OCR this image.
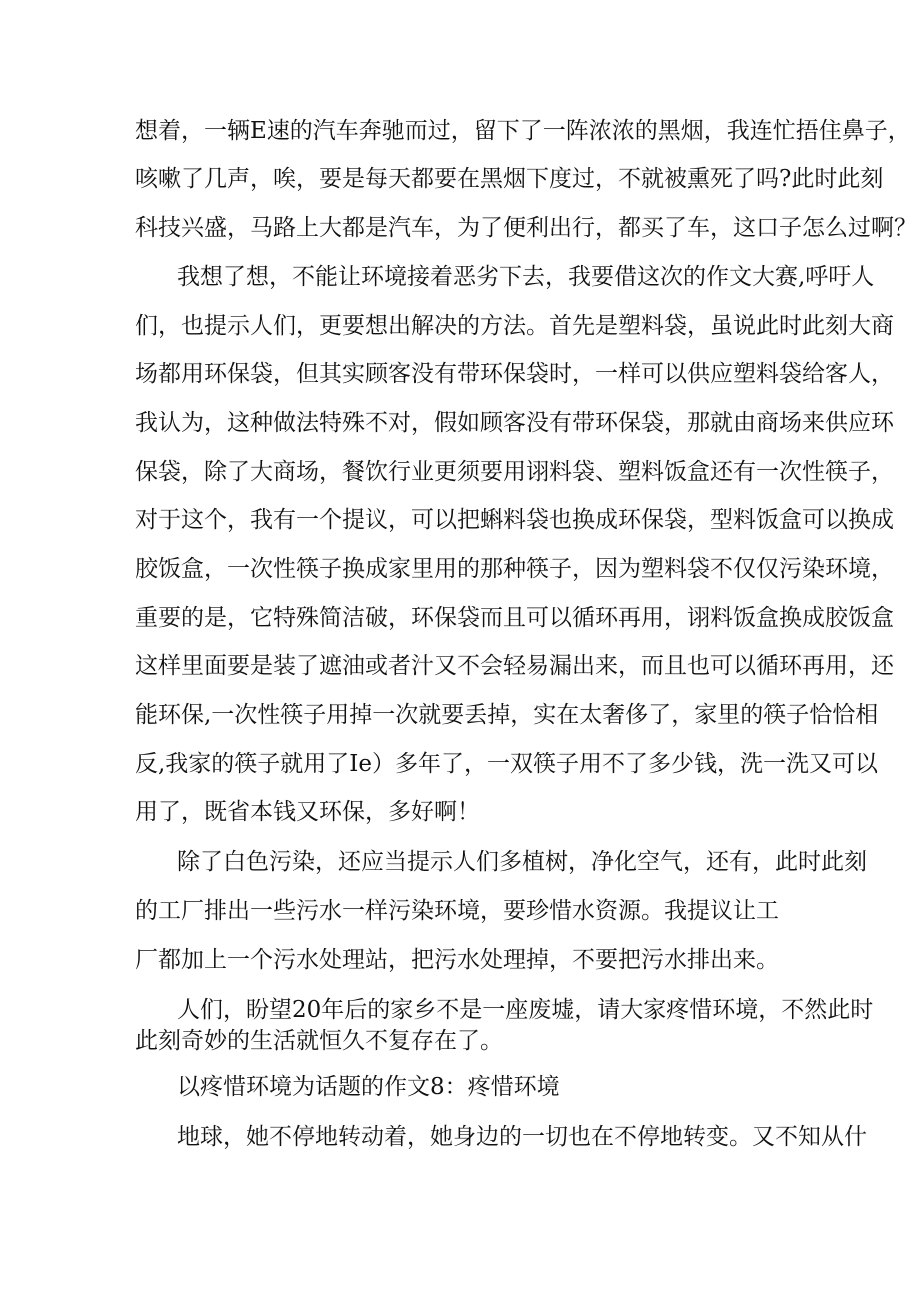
想着，一辆E速的汽车奔驰而过，留下了一阵浓浓的黑烟，我连忙捂住鼻子，
咳嗽了几声，唉，要是每天都要在黑烟下度过，不就被熏死了吗?此时此刻
科技兴盛，马路上大都是汽车，为了便利出行，都买了车，这口子怎么过啊？
我想了想，不能让环境接着恶劣下去，我要借这次的作文大赛,呼吁人
们，也提示人们，更要想出解决的方法。首先是塑料袋，虽说此时此刻大商
场都用环保袋，但其实顾客没有带环保袋时，一样可以供应塑料袋给客人，
我认为，这种做法特殊不对，假如顾客没有带环保袋，那就由商场来供应环
保袋，除了大商场，餐饮行业更须要用诩料袋、塑料饭盒还有一次性筷子，
对于这个，我有一个提议，可以把蝌料袋也换成环保袋，型料饭盒可以换成
胶饭盒，一次性筷子换成家里用的那种筷子，因为塑料袋不仅仅污染环境，
重要的是，它特殊简洁破，环保袋而且可以循环再用，诩料饭盒换成胶饭盒
这样里面要是装了遮油或者汁又不会轻易漏出来，而且也可以循环再用，还
能环保,一次性筷子用掉一次就要丢掉，实在太奢侈了，家里的筷子恰恰相
反,我家的筷子就用了Ie）多年了，一双筷子用不了多少钱，洗一洗又可以
用了，既省本钱又环保，多好啊！
除了白色污染，还应当提示人们多植树，净化空气，还有，此时此刻
的工厂排出一些污水一样污染环境，要珍惜水资源。我提议让工
厂都加上一个污水处理站，把污水处理掉，不要把污水排出来。
人们，盼望20年后的家乡不是一座废墟，请大家疼惜环境，不然此时
此刻奇妙的生活就恒久不复存在了。
以疼惜环境为话题的作文8：疼惜环境
地球，她不停地转动着，她身边的一切也在不停地转变。又不知从什
